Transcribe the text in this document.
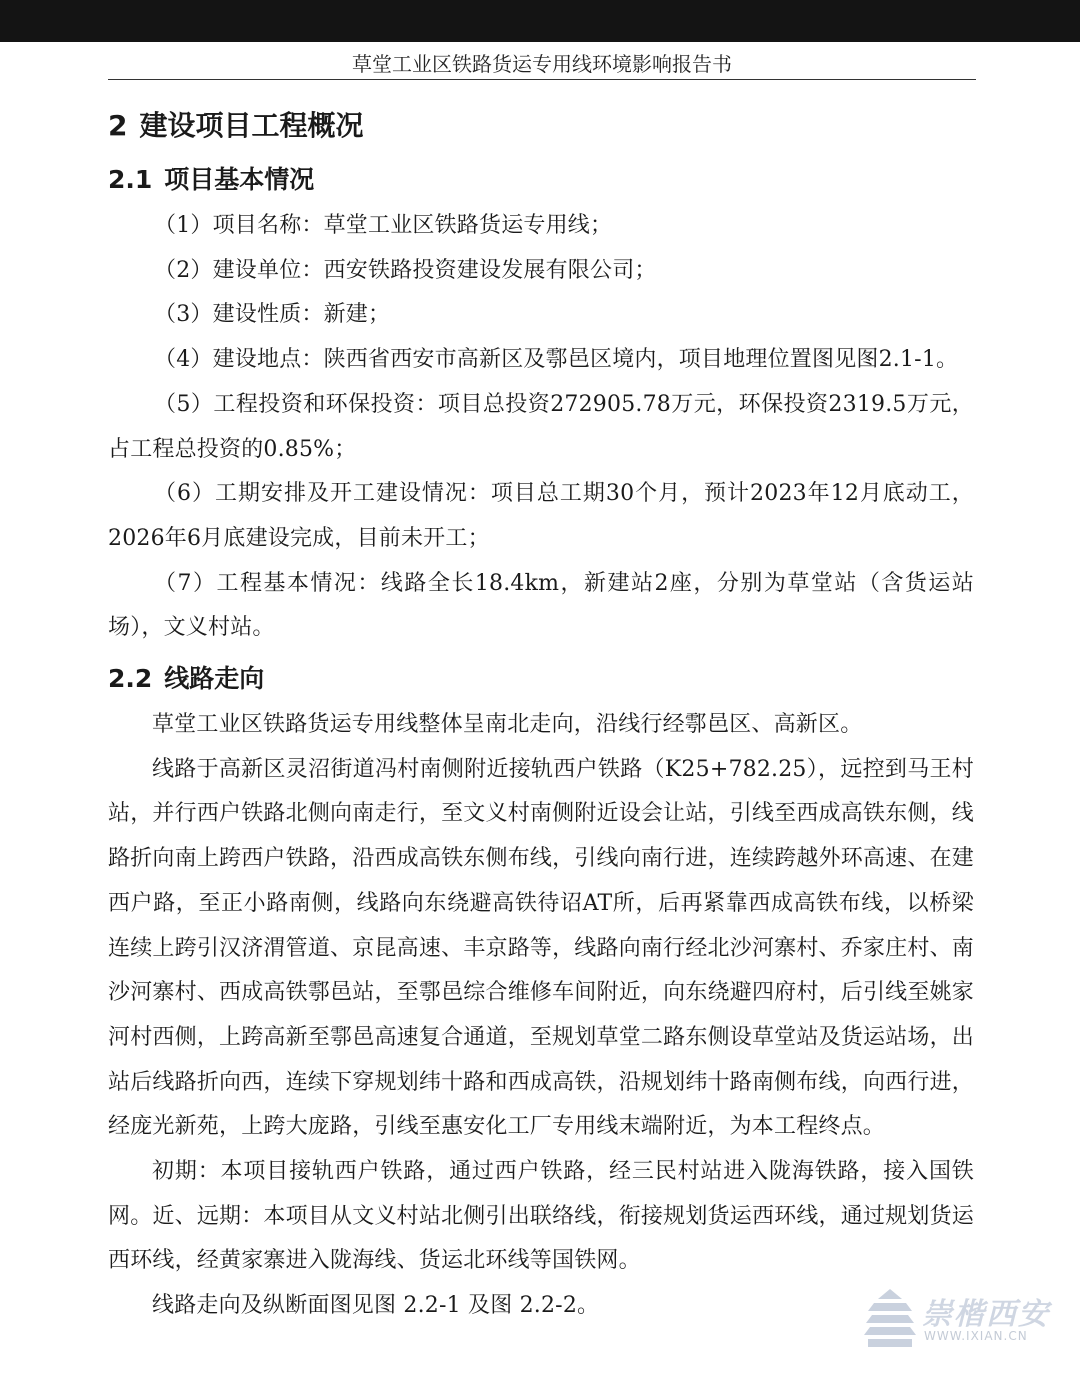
草堂工业区铁路货运专用线环境影响报告书
2 建设项目工程概况
2.1 项目基本情况

（1）项目名称：草堂工业区铁路货运专用线；

（2）建设单位：西安铁路投资建设发展有限公司；

（3）建设性质：新建；

（4）建设地点：陕西省西安市高新区及鄠邑区境内，项目地理位置图见图2.1-1。

（5）工程投资和环保投资：项目总投资272905.78万元，环保投资2319.5万元，占工程总投资的0.85%；

（6）工期安排及开工建设情况：项目总工期30个月，预计2023年12月底动工，2026年6月底建设完成，目前未开工；

（7）工程基本情况：线路全长18.4km，新建站2座，分别为草堂站（含货运站场），文义村站。

2.2 线路走向

草堂工业区铁路货运专用线整体呈南北走向，沿线行经鄠邑区、高新区。

线路于高新区灵沼街道冯村南侧附近接轨西户铁路（K25+782.25），远控到马王村站，并行西户铁路北侧向南走行，至文义村南侧附近设会让站，引线至西成高铁东侧，线路折向南上跨西户铁路，沿西成高铁东侧布线，引线向南行进，连续跨越外环高速、在建西户路，至正小路南侧，线路向东绕避高铁待诏AT所，后再紧靠西成高铁布线，以桥梁连续上跨引汉济渭管道、京昆高速、丰京路等，线路向南行经北沙河寨村、乔家庄村、南沙河寨村、西成高铁鄠邑站，至鄠邑综合维修车间附近，向东绕避四府村，后引线至姚家河村西侧，上跨高新至鄠邑高速复合通道，至规划草堂二路东侧设草堂站及货运站场，出站后线路折向西，连续下穿规划纬十路和西成高铁，沿规划纬十路南侧布线，向西行进，经庞光新苑，上跨大庞路，引线至惠安化工厂专用线末端附近，为本工程终点。

初期：本项目接轨西户铁路，通过西户铁路，经三民村站进入陇海铁路，接入国铁网。近、远期：本项目从文义村站北侧引出联络线，衔接规划货运西环线，通过规划货运西环线，经黄家寨进入陇海线、货运北环线等国铁网。

线路走向及纵断面图见图 2.2-1 及图 2.2-2。	崇楷西安
WWW.IXIAN.CN
